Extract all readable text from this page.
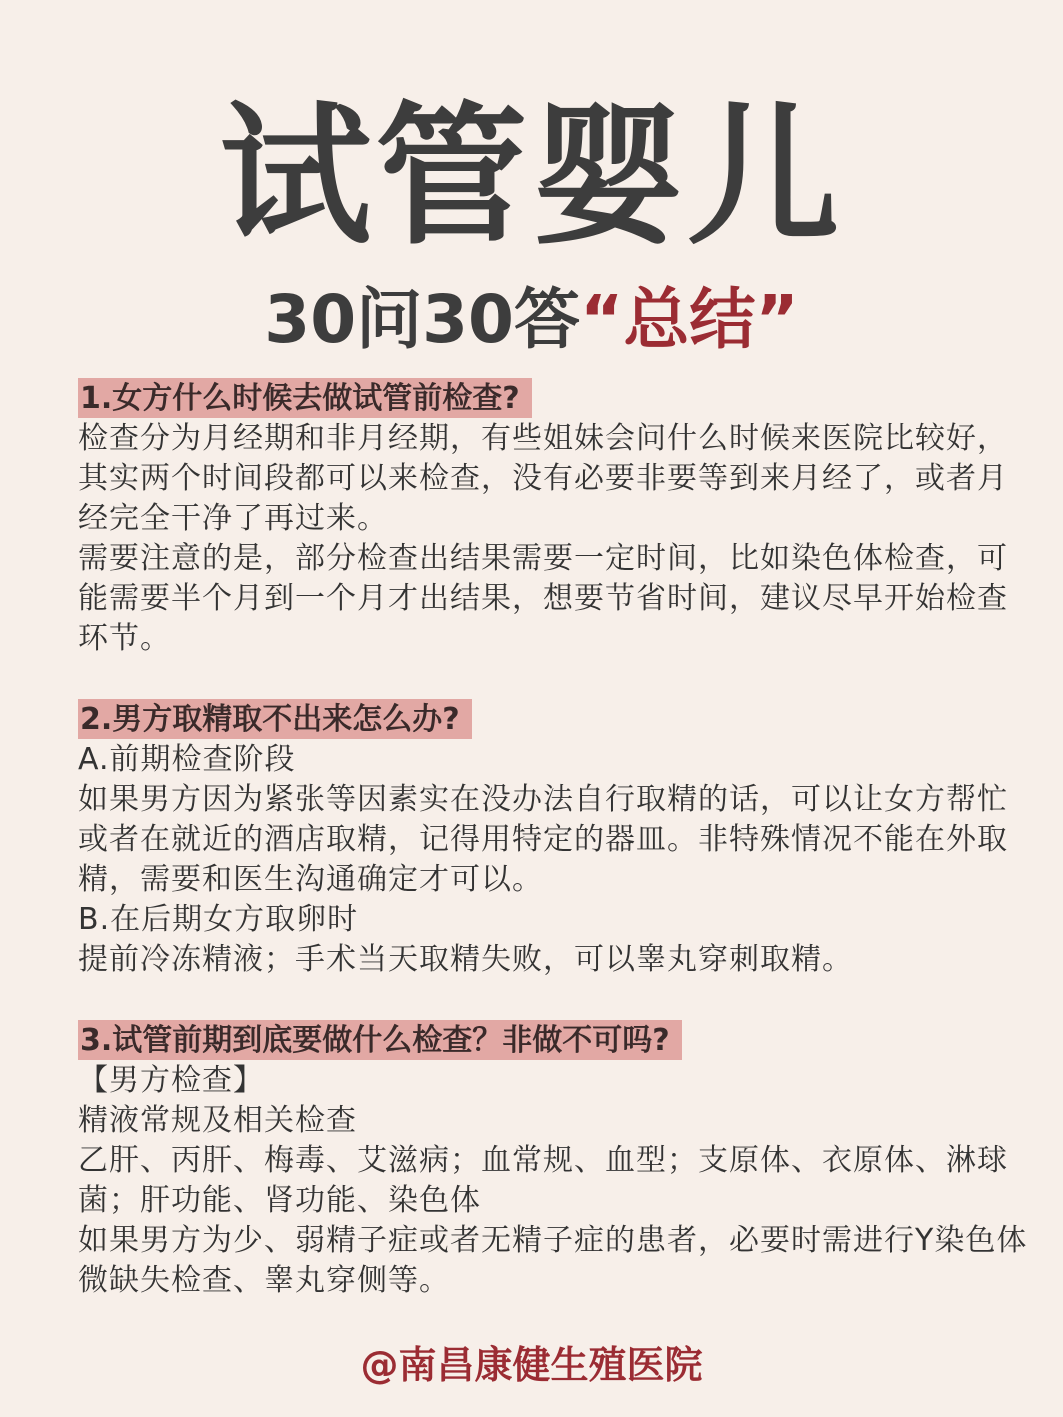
试管婴儿
30问30答“总结”
1.女方什么时候去做试管前检查?

检查分为月经期和非月经期，有些姐妹会问什么时候来医院比较好，其实两个时间段都可以来检查，没有必要非要等到来月经了，或者月经完全干净了再过来。

需要注意的是，部分检查出结果需要一定时间，比如染色体检查，可能需要半个月到一个月才出结果，想要节省时间，建议尽早开始检查环节。

2.男方取精取不出来怎么办?

A.前期检查阶段

如果男方因为紧张等因素实在没办法自行取精的话，可以让女方帮忙或者在就近的酒店取精，记得用特定的器皿。非特殊情况不能在外取精，需要和医生沟通确定才可以。

B.在后期女方取卵时

提前冷冻精液；手术当天取精失败，可以睾丸穿刺取精。

3.试管前期到底要做什么检查？非做不可吗?

【男方检查】

精液常规及相关检查

乙肝、丙肝、梅毒、艾滋病；血常规、血型；支原体、衣原体、淋球菌；肝功能、肾功能、染色体

如果男方为少、弱精子症或者无精子症的患者，必要时需进行Y染色体微缺失检查、睾丸穿侧等。

@南昌康健生殖医院
